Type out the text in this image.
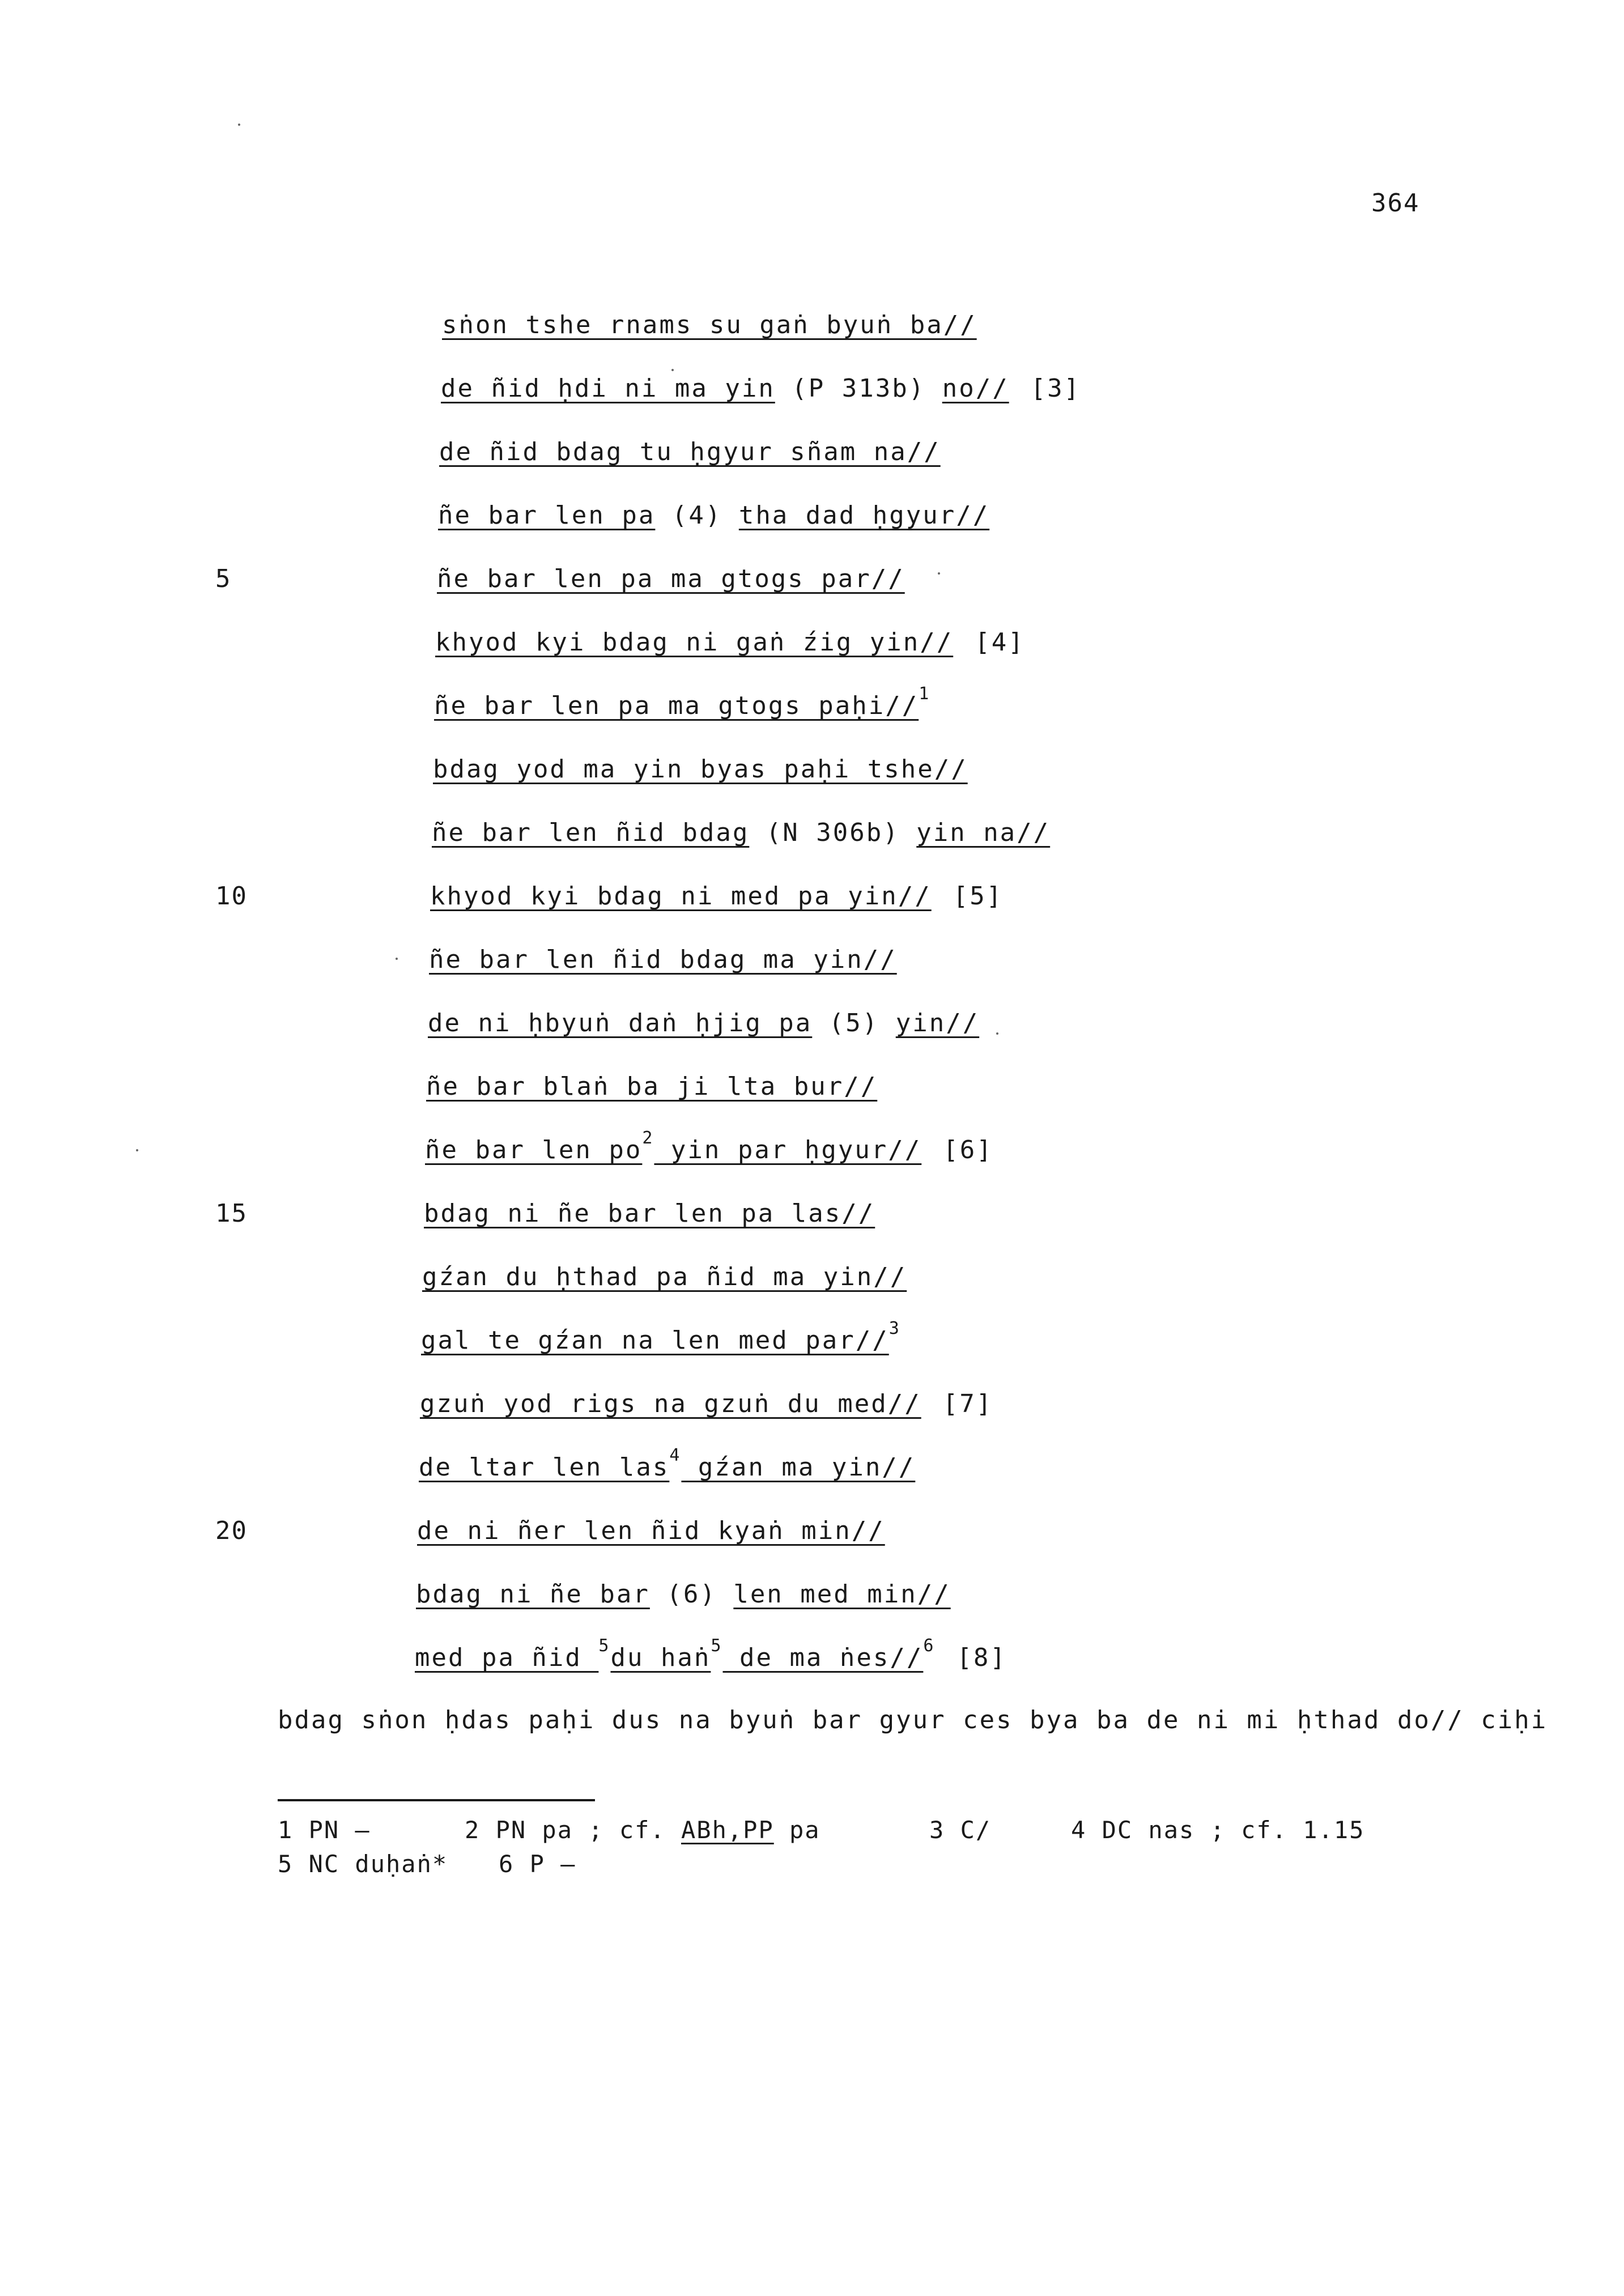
364
sṅon tshe rnams su gaṅ byuṅ ba//
de ñid ḥdi ni ma yin (P 313b) no// [3]
de ñid bdag tu ḥgyur sñam na//
ñe bar len pa (4) tha dad ḥgyur//
5	ñe bar len pa ma gtogs par//
khyod kyi bdag ni gaṅ źig yin// [4]
ñe bar len pa ma gtogs paḥi//$^1$
bdag yod ma yin byas paḥi tshe//
ñe bar len ñid bdag (N 306b) yin na//
10	khyod kyi bdag ni med pa yin// [5]
ñe bar len ñid bdag ma yin//
de ni ḥbyuṅ daṅ ḥjig pa (5) yin//
ñe bar blaṅ ba ji lta bur//
ñe bar len $po^2$ yin par ḥgyur// [6]
15	bdag ni ñe bar len pa las//
gźan du ḥthad pa ñid ma yin//
gal te gźan na len med par//$^3$
gzuṅ yod rigs na gzuṅ du med// [7]
de ltar len las$^4$ gźan ma yin//
20	de ni ñer len ñid kyaṅ min//
bdag ni ñe bar (6) len med min//
med pa ñid $^5$du haṅ$^5$ de ma ṅes//$^6$ [8]
bdag sṅon ḥdas paḥi dus na byuṅ bar gyur ces bya ba de ni mi ḥthad do// ciḥi
1 PN —	2 PN pa ; cf. ABh,PP pa	3 C/	4 DC nas ; cf. 1.15
5 NC duḥaṅ* 6 P —
